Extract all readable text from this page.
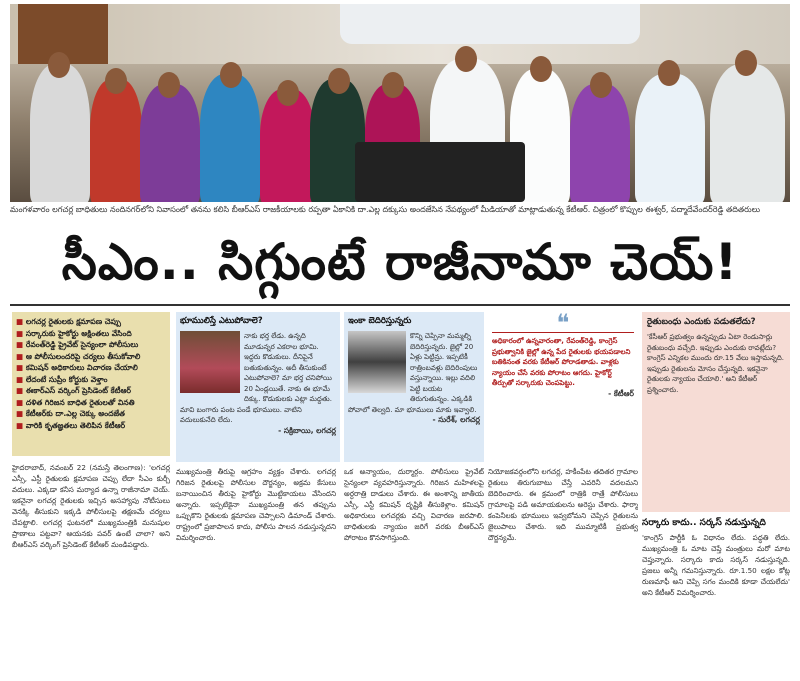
మంగళవారం లగచర్ల బాధితులు నందినగర్‌లోని నివాసంలో తనను కలిసి బీఆర్‌ఎస్ రాజకీయాలకు రప్పతా ఏకానికి దా.ఎల్ల దక్కుసు అందజేసిన నేపథ్యంలో మీడియాతో మాట్లాడుతున్న కేటీఆర్. చిత్రంలో కొప్పుల ఈశ్వర్, పద్మాదేవేందర్‌రెడ్డి తదితరులు
సీఎం.. సిగ్గుంటే రాజీనామా చెయ్!
■ లగచర్ల రైతులకు క్షమాపణ చెప్పు
■ సర్కారుకు హైకోర్టు అక్షింతలు వేసింది
■ రేవంత్‌రెడ్డి ప్రైవేట్ సైన్యంలా పోలీసులు
■ ఆ పోలీసులందరిపై చర్యలు తీసుకోవాలి
■ కమిషన్ అధికారులు విచారణ చేయాలి
■ లేదంటే సుప్రీం కోర్టుకు వెళ్తాం
■ ఈ‌కార్‌ఎస్ వర్కింగ్ ప్రెసిడెంట్ కేటీఆర్
■ దళిత గిరిజన బాధిత రైతులతో వినతి
■ కేటీఆర్‌కు దా.ఎల్ల చెక్కు అందజేత
■ వారికి కృతజ్ఞతలు తెలిపిన కేటీఆర్
హైదరాబాద్, నవంబర్ 22 (నమస్తే తెలంగాణ): 'లగచర్ల ఎస్సీ, ఎస్టీ రైతులకు క్షమాపణ చెప్పు లేదా సీఎం కుర్చీ వదులు. ఎక్కడా కనీస మర్యాద ఉన్నా రాజీనామా చెయ్. ఇకనైనా లగచర్ల రైతులకు ఇచ్చిన అసహ్యాపు నోటీసులు వెనక్కి తీసుకుని ఇక్కడి పోలీసులపై తక్షణమే చర్యలు చేపట్టాలి. లగచర్ల ఘటనలో ముఖ్యమంత్రికి మనుషుల ప్రాణాలు పట్టవా? ఆయనకు పవర్ ఉంటే చాలా? అని బీఆర్‌ఎస్ వర్కింగ్ ప్రెసిడెంట్ కేటీఆర్ మండిపడ్డారు.
భూములిస్తే ఎటుపోవాలె?
నాకు భర్త లేడు. ఉన్నది మూడున్నర ఎకరాల భూమి. ఇద్దరు కొడుకులు. దీనిపైనే బతుకుతున్నం. అదీ తీసుకుంటే ఎటుపోవాలె? మా భర్త చనిపోయి 20 ఏండ్లయితే. నాకు ఈ భూమే దిక్కు. కొడుకులకు ఎట్లా మద్దతు. మావి బంగారు పంట పండే భూములు. వాటిని వదులుకునేది లేదు.
- సక్రిబాయి, లగచర్ల
ఇంకా బెదిరిస్తున్నరు
కొన్ని చెప్పినా మమ్మల్ని బెదిరిస్తున్నరు. జైల్లో 20 ఏళ్లు పెట్టిన్రు. ఇప్పటికీ రాత్రింబవళ్లు బెదిరింపులు వస్తున్నాయి. ఇల్లు వదిలి పెట్టి బయట తిరుగుతున్నం. ఎక్కడికి పోవాలో తెల్వది. మా భూములు మాకు ఇవ్వాలి.
- సురేశ్, లగచర్ల
❝
అధికారంలో ఉన్నవారంతా, రేవంత్‌రెడ్డి, కాంగ్రెస్ ప్రభుత్వానికి జైల్లో ఉన్న పేద రైతులకు భయపడాలని బతికినంత వరకు కేటీఆర్ పోరాడతాడు. వాళ్లకు న్యాయం చేసే వరకు పోరాటం ఆగదు. హైకోర్ట్ తీర్పుతో సర్కారుకు చెంపపెట్టు.
- కేటీఆర్
రైతుబంధు ఎందుకు పడుతలేదు?
'కేసీఆర్ ప్రభుత్వం ఉన్నప్పుడు ఏటా రెండుసార్లు రైతుబంధు వచ్చేది. ఇప్పుడు ఎందుకు రావట్లేదు? కాంగ్రెస్ ఎన్నికల ముందు రూ.15 వేలు ఇస్తామన్నది. ఇప్పుడు రైతులను మోసం చేస్తున్నది. ఇకనైనా రైతులకు న్యాయం చేయాలి.' అని కేటీఆర్ ప్రశ్నించారు.
ముఖ్యమంత్రి తీరుపై ఆగ్రహం వ్యక్తం చేశారు. లగచర్ల గిరిజన రైతులపై పోలీసుల దౌర్జన్యం, అక్రమ కేసులు బనాయించిన తీరుపై హైకోర్టు మొట్టికాయలు వేసిందని అన్నారు. ఇప్పటికైనా ముఖ్యమంత్రి తన తప్పును ఒప్పుకొని రైతులకు క్షమాపణ చెప్పాలని డిమాండ్ చేశారు. రాష్ట్రంలో ప్రజాపాలన కాదు, పోలీసు పాలన నడుస్తున్నదని విమర్శించారు.
ఒక అన్యాయం, దుర్మార్గం. పోలీసులు ప్రైవేట్ సైన్యంలా వ్యవహరిస్తున్నారు. గిరిజన మహిళలపై అర్ధరాత్రి దాడులు చేశారు. ఈ అంశాన్ని జాతీయ ఎస్సీ, ఎస్టీ కమిషన్ దృష్టికి తీసుకెళ్లాం. కమిషన్ అధికారులు లగచర్లకు వచ్చి విచారణ జరపాలి. బాధితులకు న్యాయం జరిగే వరకు బీఆర్‌ఎస్ పోరాటం కొనసాగిస్తుంది.
నియోజకవర్గంలోని లగచర్ల, హకీంపేట తదితర గ్రామాల రైతులు తిరుగుబాటు చేస్తే ఎవరినీ వదలమని బెదిరించారు. ఈ క్రమంలో రాత్రికి రాత్రే పోలీసులు గ్రామాలపై పడి అమాయకులను అరెస్టు చేశారు. ఫార్మా కంపెనీలకు భూములు ఇవ్వబోమని చెప్పిన రైతులను జైలుపాలు చేశారు. ఇది ముమ్మాటికీ ప్రభుత్వ దౌర్జన్యమే.
సర్కారు కాదు.. సర్కస్ నడుస్తున్నది
'కాంగ్రెస్ పార్టీకి ఓ విధానం లేదు. పద్ధతి లేదు. ముఖ్యమంత్రి ఓ మాట చెప్తే మంత్రులు మరో మాట చెప్తున్నారు. సర్కారు కాదు సర్కస్ నడుస్తున్నది. ప్రజలు అన్నీ గమనిస్తున్నారు. రూ.1.50 లక్షల కోట్ల రుణమాఫీ అని చెప్పి సగం మందికి కూడా చేయలేదు' అని కేటీఆర్ విమర్శించారు.
